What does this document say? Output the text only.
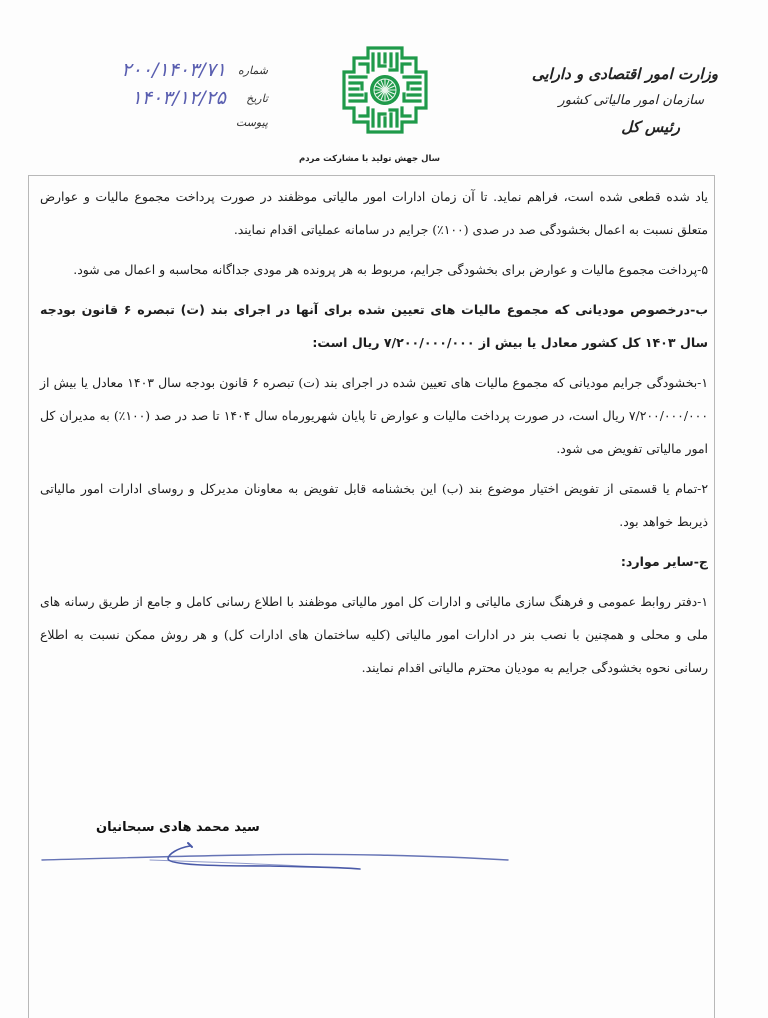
وزارت امور اقتصادی و دارایی
سازمان امور مالیاتی کشور
رئیس کل
سال جهش تولید با مشارکت مردم
شماره
۲۰۰/۱۴۰۳/۷۱
تاریخ
۱۴۰۳/۱۲/۲۵
پیوست

یاد شده قطعی شده است، فراهم نماید. تا آن زمان ادارات امور مالیاتی موظفند در صورت پرداخت مجموع مالیات و عوارض متعلق نسبت به اعمال بخشودگی صد در صدی (۱۰۰٪) جرایم در سامانه عملیاتی اقدام نمایند.

۵-پرداخت مجموع مالیات و عوارض برای بخشودگی جرایم، مربوط به هر پرونده هر مودی جداگانه محاسبه و اعمال می شود.

ب-درخصوص مودیانی که مجموع مالیات های تعیین شده برای آنها در اجرای بند (ت) تبصره ۶ قانون بودجه سال ۱۴۰۳ کل کشور معادل یا بیش از ۷/۲۰۰/۰۰۰/۰۰۰ ریال است:

۱-بخشودگی جرایم مودیانی که مجموع مالیات های تعیین شده در اجرای بند (ت) تبصره ۶ قانون بودجه سال ۱۴۰۳ معادل یا بیش از ۷/۲۰۰/۰۰۰/۰۰۰ ریال است، در صورت پرداخت مالیات و عوارض تا پایان شهریورماه سال ۱۴۰۴ تا صد در صد (۱۰۰٪) به مدیران کل امور مالیاتی تفویض می شود.

۲-تمام یا قسمتی از تفویض اختیار موضوع بند (ب) این بخشنامه قابل تفویض به معاونان مدیرکل و روسای ادارات امور مالیاتی ذیربط خواهد بود.

ج-سایر موارد:

۱-دفتر روابط عمومی و فرهنگ سازی مالیاتی و ادارات کل امور مالیاتی موظفند با اطلاع رسانی کامل و جامع از طریق رسانه های ملی و محلی و همچنین با نصب بنر در ادارات امور مالیاتی (کلیه ساختمان های ادارات کل) و هر روش ممکن نسبت به اطلاع رسانی نحوه بخشودگی جرایم به مودیان محترم مالیاتی اقدام نمایند.

سید محمد هادی سبحانیان
